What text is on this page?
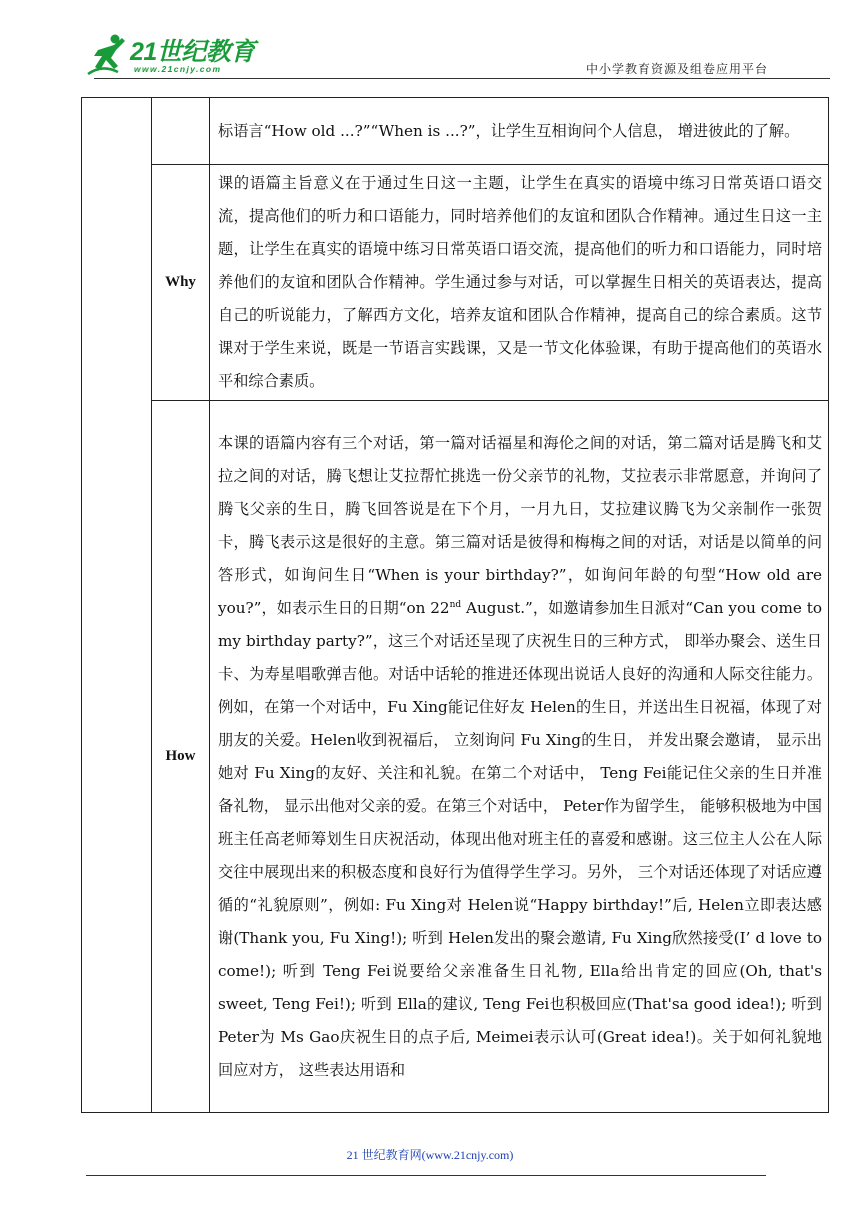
21世纪教育
www.21cnjy.com	中小学教育资源及组卷应用平台
		标语言“How old ...?”“When is ...?”，让学生互相询问个人信息， 增进彼此的了解。
	Why	课的语篇主旨意义在于通过生日这一主题，让学生在真实的语境中练习日常英语口语交流，提高他们的听力和口语能力，同时培养他们的友谊和团队合作精神。通过生日这一主题，让学生在真实的语境中练习日常英语口语交流，提高他们的听力和口语能力，同时培养他们的友谊和团队合作精神。学生通过参与对话，可以掌握生日相关的英语表达，提高自己的听说能力，了解西方文化，培养友谊和团队合作精神，提高自己的综合素质。这节课对于学生来说，既是一节语言实践课，又是一节文化体验课，有助于提高他们的英语水平和综合素质。
	How	本课的语篇内容有三个对话，第一篇对话福星和海伦之间的对话，第二篇对话是腾飞和艾拉之间的对话，腾飞想让艾拉帮忙挑选一份父亲节的礼物，艾拉表示非常愿意，并询问了腾飞父亲的生日，腾飞回答说是在下个月，一月九日，艾拉建议腾飞为父亲制作一张贺卡，腾飞表示这是很好的主意。第三篇对话是彼得和梅梅之间的对话，对话是以简单的问答形式，如询问生日“When is your birthday?”，如询问年龄的句型“How old are you?”，如表示生日的日期“on 22nd August.”，如邀请参加生日派对“Can you come to my birthday party?”，这三个对话还呈现了庆祝生日的三种方式， 即举办聚会、送生日卡、为寿星唱歌弹吉他。对话中话轮的推进还体现出说话人良好的沟通和人际交往能力。例如，在第一个对话中，Fu Xing能记住好友 Helen的生日，并送出生日祝福，体现了对朋友的关爱。Helen收到祝福后， 立刻询问 Fu Xing的生日， 并发出聚会邀请， 显示出她对 Fu Xing的友好、关注和礼貌。在第二个对话中， Teng Fei能记住父亲的生日并准备礼物， 显示出他对父亲的爱。在第三个对话中， Peter作为留学生， 能够积极地为中国班主任高老师筹划生日庆祝活动，体现出他对班主任的喜爱和感谢。这三位主人公在人际交往中展现出来的积极态度和良好行为值得学生学习。另外， 三个对话还体现了对话应遵循的“礼貌原则”，例如: Fu Xing对 Helen说“Happy birthday!”后, Helen立即表达感谢(Thank you, Fu Xing!); 听到 Helen发出的聚会邀请, Fu Xing欣然接受(I’ d love to come!); 听到 Teng Fei说要给父亲准备生日礼物, Ella给出肯定的回应(Oh, that's sweet, Teng Fei!); 听到 Ella的建议, Teng Fei也积极回应(That'sa good idea!); 听到 Peter为 Ms Gao庆祝生日的点子后, Meimei表示认可(Great idea!)。关于如何礼貌地回应对方， 这些表达用语和
21 世纪教育网(www.21cnjy.com)
